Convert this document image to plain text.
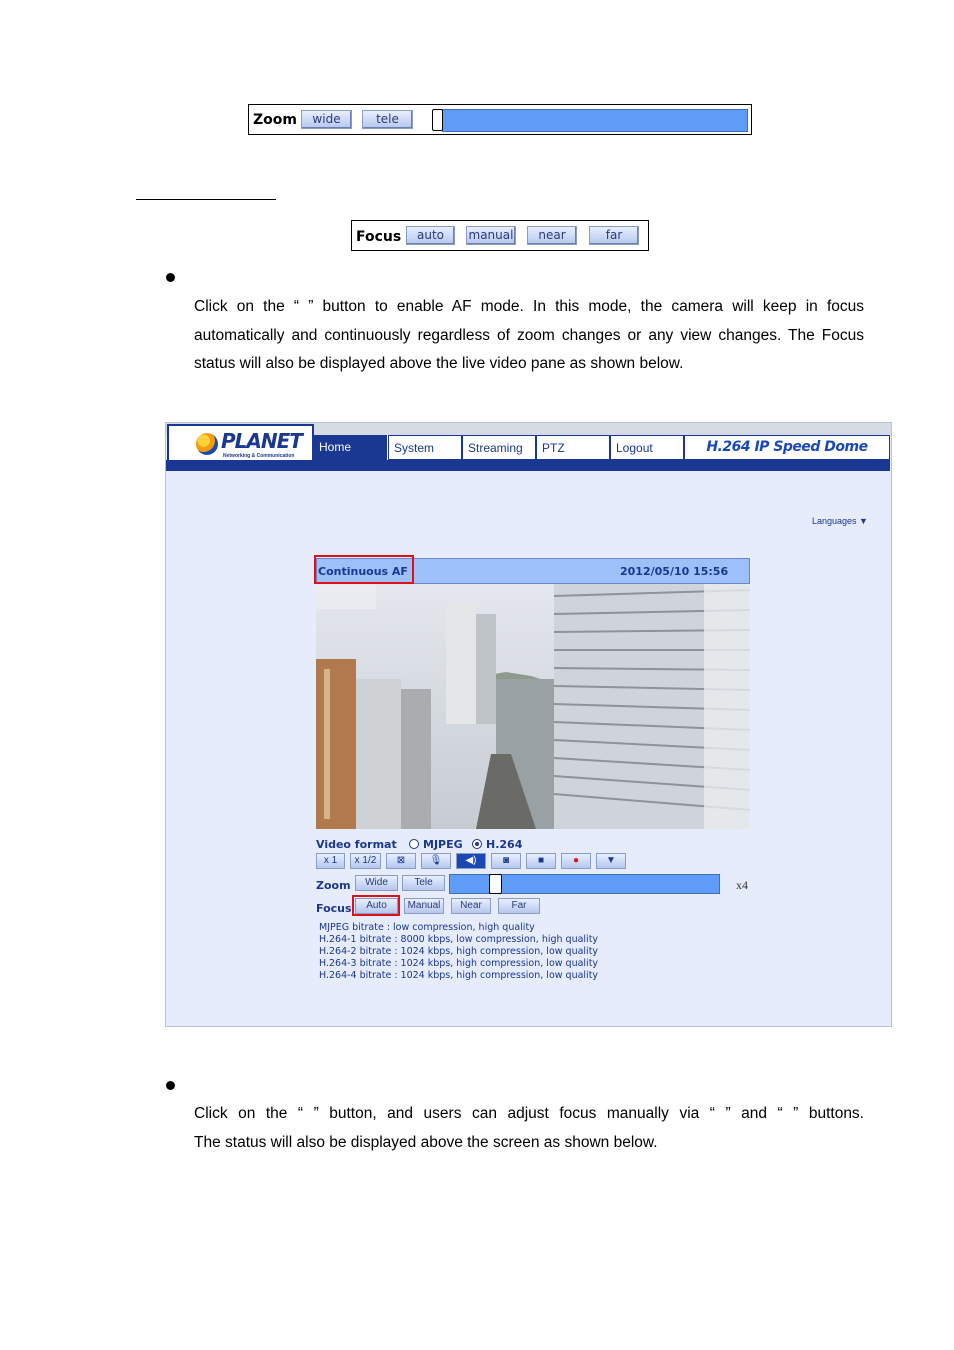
Zoom	wide	tele
Focus	auto	manual	near	far
Click on the “ ” button to enable AF mode. In this mode, the camera will keep in focus
automatically and continuously regardless of zoom changes or any view changes. The Focus
status will also be displayed above the live video pane as shown below.
PLANET
Networking & Communication
Home	System	Streaming	PTZ	Logout	H.264 IP Speed Dome
Languages ▼
Continuous AF	2012/05/10 15:56
Video format MJPEG H.264
x 1	x 1/2	⊠	🎙	◀)	◙	■	●	▼
Zoom	Wide	Tele	x4
Focus	Auto	Manual	Near	Far
MJPEG bitrate : low compression, high quality
H.264-1 bitrate : 8000 kbps, low compression, high quality
H.264-2 bitrate : 1024 kbps, high compression, low quality
H.264-3 bitrate : 1024 kbps, high compression, low quality
H.264-4 bitrate : 1024 kbps, high compression, low quality
Click on the “ ” button, and users can adjust focus manually via “ ” and “ ” buttons.
The status will also be displayed above the screen as shown below.
